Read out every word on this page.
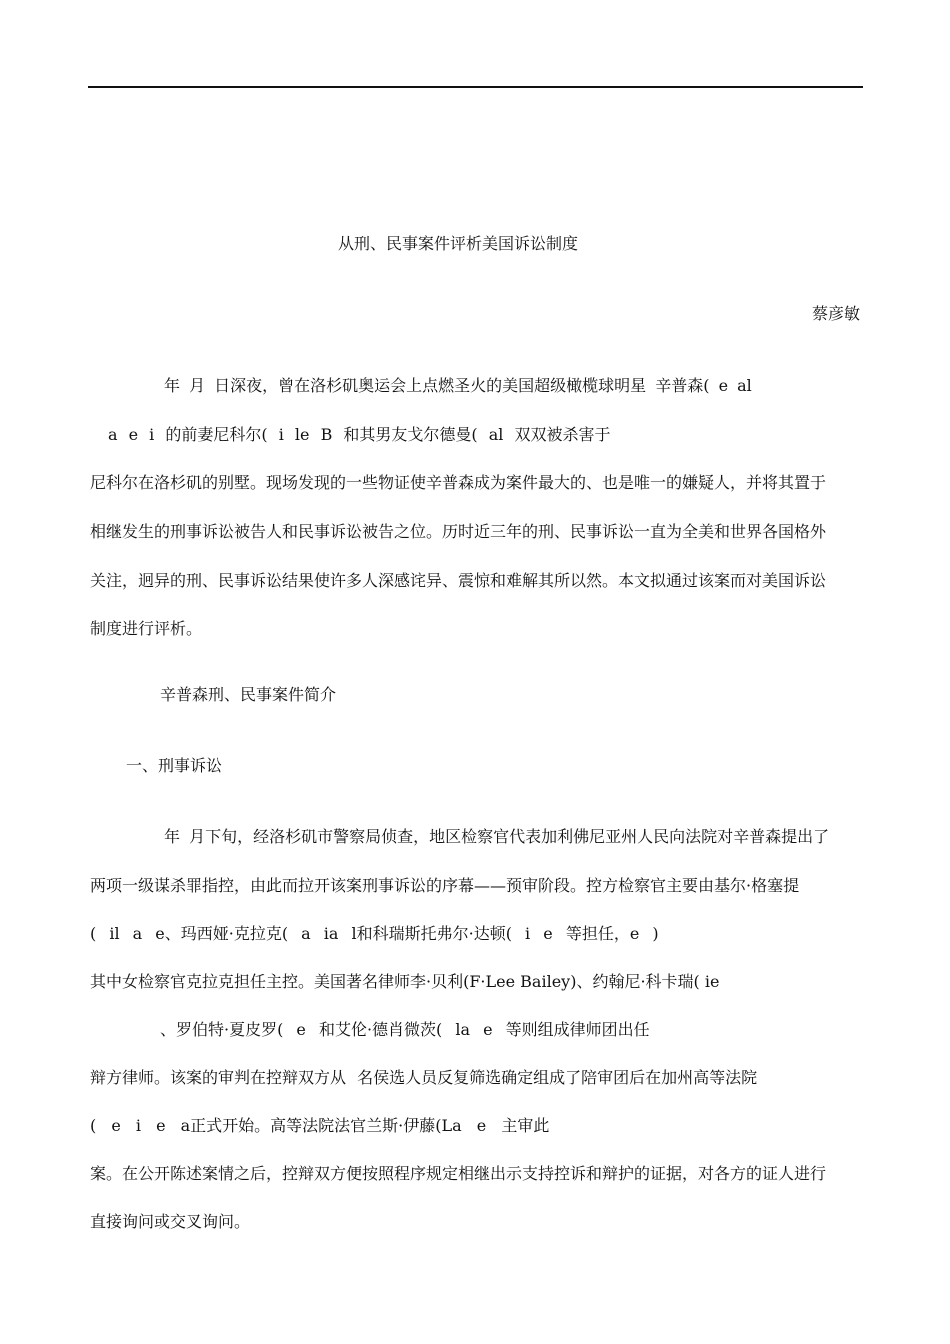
从刑、民事案件评析美国诉讼制度
蔡彦敏
年 月 日深夜，曾在洛杉矶奥运会上点燃圣火的美国超级橄榄球明星 辛普森( e al
a e i 的前妻尼科尔( i le B 和其男友戈尔德曼( al 双双被杀害于
尼科尔在洛杉矶的别墅。现场发现的一些物证使辛普森成为案件最大的、也是唯一的嫌疑人，并将其置于
相继发生的刑事诉讼被告人和民事诉讼被告之位。历时近三年的刑、民事诉讼一直为全美和世界各国格外
关注，迥异的刑、民事诉讼结果使许多人深感诧异、震惊和难解其所以然。本文拟通过该案而对美国诉讼
制度进行评析。
辛普森刑、民事案件简介
一、刑事诉讼
年 月下旬，经洛杉矶市警察局侦查，地区检察官代表加利佛尼亚州人民向法院对辛普森提出了
两项一级谋杀罪指控，由此而拉开该案刑事诉讼的序幕——预审阶段。控方检察官主要由基尔·格塞提
( il a e、玛西娅·克拉克( a ia l和科瑞斯托弗尔·达顿( i e 等担任，e )
其中女检察官克拉克担任主控。美国著名律师李·贝利(F·Lee Bailey)、约翰尼·科卡瑞( ie
、罗伯特·夏皮罗( e 和艾伦·德肖微茨( la e 等则组成律师团出任
辩方律师。该案的审判在控辩双方从 名侯选人员反复筛选确定组成了陪审团后在加州高等法院
( e i e a正式开始。高等法院法官兰斯·伊藤(La e 主审此
案。在公开陈述案情之后，控辩双方便按照程序规定相继出示支持控诉和辩护的证据，对各方的证人进行
直接询问或交叉询问。
